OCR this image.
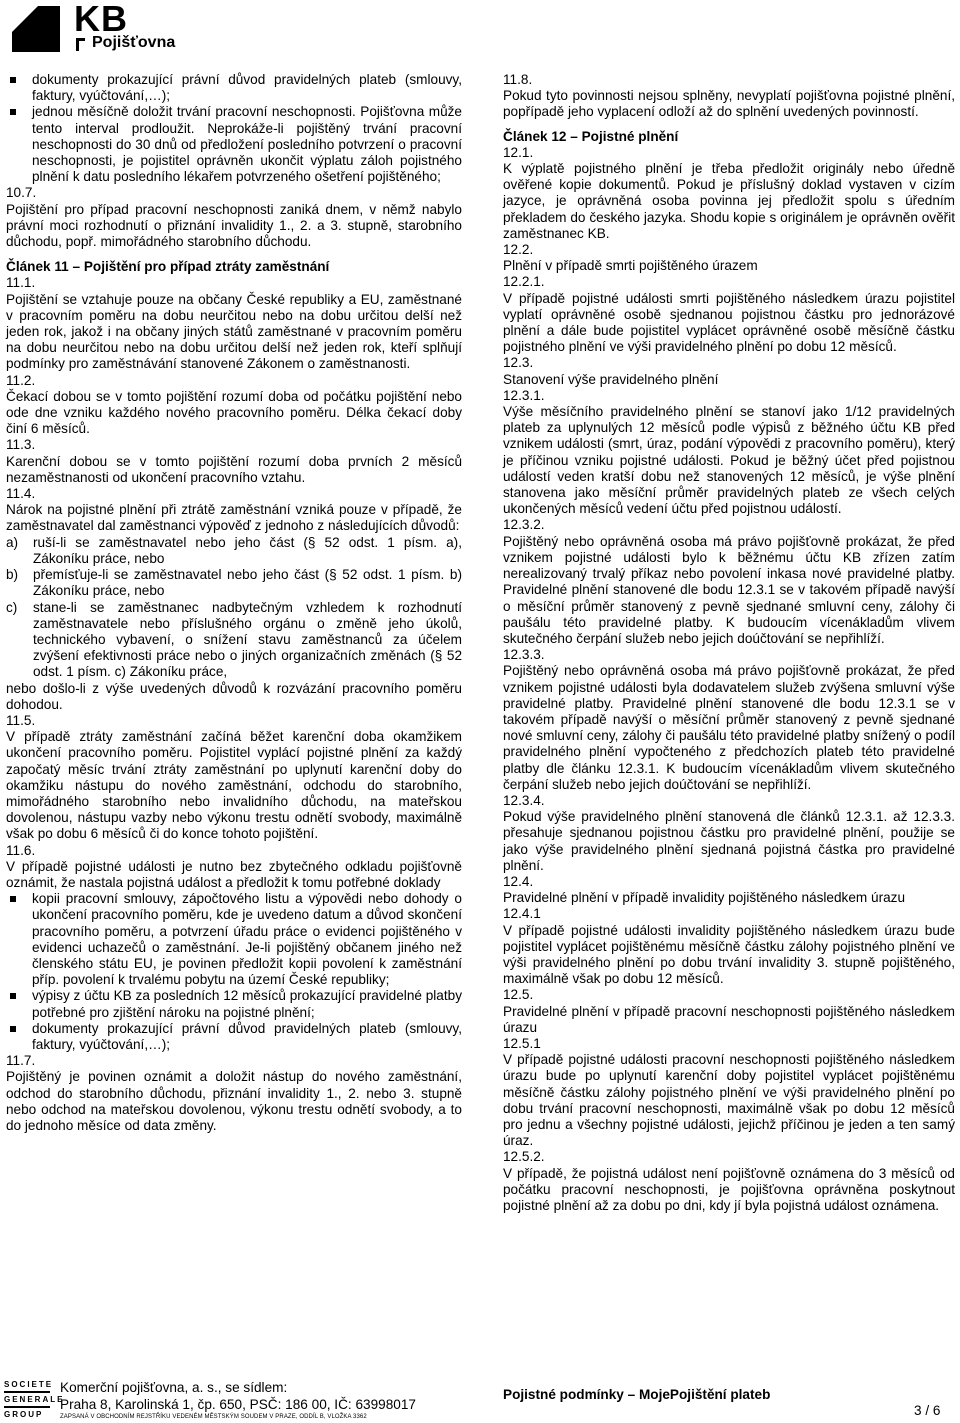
KB
Pojišťovna
dokumenty prokazující právní důvod pravidelných plateb (smlouvy, faktury, vyúčtování,…);
jednou měsíčně doložit trvání pracovní neschopnosti. Pojišťovna může tento interval prodloužit. Neprokáže-li pojištěný trvání pracovní neschopnosti do 30 dnů od předložení posledního potvrzení o pracovní neschopnosti, je pojistitel oprávněn ukončit výplatu záloh pojistného plnění k datu posledního lékařem potvrzeného ošetření pojištěného;

10.7.

Pojištění pro případ pracovní neschopnosti zaniká dnem, v němž nabylo právní moci rozhodnutí o přiznání invalidity 1., 2. a 3. stupně, starobního důchodu, popř. mimořádného starobního důchodu.

Článek 11 – Pojištění pro případ ztráty zaměstnání

11.1.

Pojištění se vztahuje pouze na občany České republiky a EU, zaměstnané v pracovním poměru na dobu neurčitou nebo na dobu určitou delší než jeden rok, jakož i na občany jiných států zaměstnané v pracovním poměru na dobu neurčitou nebo na dobu určitou delší než jeden rok, kteří splňují podmínky pro zaměstnávání stanovené Zákonem o zaměstnanosti.

11.2.

Čekací dobou se v tomto pojištění rozumí doba od počátku pojištění nebo ode dne vzniku každého nového pracovního poměru. Délka čekací doby činí 6 měsíců.

11.3.

Karenční dobou se v tomto pojištění rozumí doba prvních 2 měsíců nezaměstnanosti od ukončení pracovního vztahu.

11.4.

Nárok na pojistné plnění při ztrátě zaměstnání vzniká pouze v případě, že zaměstnavatel dal zaměstnanci výpověď z jednoho z následujících důvodů:

a)	ruší-li se zaměstnavatel nebo jeho část (§ 52 odst. 1 písm. a), Zákoníku práce, nebo
b)	přemísťuje-li se zaměstnavatel nebo jeho část (§ 52 odst. 1 písm. b) Zákoníku práce, nebo
c)	stane-li se zaměstnanec nadbytečným vzhledem k rozhodnutí zaměstnavatele nebo příslušného orgánu o změně jeho úkolů, technického vybavení, o snížení stavu zaměstnanců za účelem zvýšení efektivnosti práce nebo o jiných organizačních změnách (§ 52 odst. 1 písm. c) Zákoníku práce,

nebo došlo-li z výše uvedených důvodů k rozvázání pracovního poměru dohodou.

11.5.

V případě ztráty zaměstnání začíná běžet karenční doba okamžikem ukončení pracovního poměru. Pojistitel vyplácí pojistné plnění za každý započatý měsíc trvání ztráty zaměstnání po uplynutí karenční doby do okamžiku nástupu do nového zaměstnání, odchodu do starobního, mimořádného starobního nebo invalidního důchodu, na mateřskou dovolenou, nástupu vazby nebo výkonu trestu odnětí svobody, maximálně však po dobu 6 měsíců či do konce tohoto pojištění.

11.6.

V případě pojistné události je nutno bez zbytečného odkladu pojišťovně oznámit, že nastala pojistná událost a předložit k tomu potřebné doklady

kopii pracovní smlouvy, zápočtového listu a výpovědi nebo dohody o ukončení pracovního poměru, kde je uvedeno datum a důvod skončení pracovního poměru, a potvrzení úřadu práce o evidenci pojištěného v evidenci uchazečů o zaměstnání. Je-li pojištěný občanem jiného než členského státu EU, je povinen předložit kopii povolení k zaměstnání příp. povolení k trvalému pobytu na území České republiky;
výpisy z účtu KB za posledních 12 měsíců prokazující pravidelné platby potřebné pro zjištění nároku na pojistné plnění;
dokumenty prokazující právní důvod pravidelných plateb (smlouvy, faktury, vyúčtování,…);

11.7.

Pojištěný je povinen oznámit a doložit nástup do nového zaměstnání, odchod do starobního důchodu, přiznání invalidity 1., 2. nebo 3. stupně nebo odchod na mateřskou dovolenou, výkonu trestu odnětí svobody, a to do jednoho měsíce od data změny.

11.8.

Pokud tyto povinnosti nejsou splněny, nevyplatí pojišťovna pojistné plnění, popřípadě jeho vyplacení odloží až do splnění uvedených povinností.

Článek 12 – Pojistné plnění

12.1.

K výplatě pojistného plnění je třeba předložit originály nebo úředně ověřené kopie dokumentů. Pokud je příslušný doklad vystaven v cizím jazyce, je oprávněná osoba povinna jej předložit spolu s úředním překladem do českého jazyka. Shodu kopie s originálem je oprávněn ověřit zaměstnanec KB.

12.2.

Plnění v případě smrti pojištěného úrazem

12.2.1.

V případě pojistné události smrti pojištěného následkem úrazu pojistitel vyplatí oprávněné osobě sjednanou pojistnou částku pro jednorázové plnění a dále bude pojistitel vyplácet oprávněné osobě měsíčně částku pojistného plnění ve výši pravidelného plnění po dobu 12 měsíců.

12.3.

Stanovení výše pravidelného plnění

12.3.1.

Výše měsíčního pravidelného plnění se stanoví jako 1/12 pravidelných plateb za uplynulých 12 měsíců podle výpisů z běžného účtu KB před vznikem události (smrt, úraz, podání výpovědi z pracovního poměru), který je příčinou vzniku pojistné události. Pokud je běžný účet před pojistnou událostí veden kratší dobu než stanovených 12 měsíců, je výše plnění stanovena jako měsíční průměr pravidelných plateb ze všech celých ukončených měsíců vedení účtu před pojistnou událostí.

12.3.2.

Pojištěný nebo oprávněná osoba má právo pojišťovně prokázat, že před vznikem pojistné události bylo k běžnému účtu KB zřízen zatím nerealizovaný trvalý příkaz nebo povolení inkasa nové pravidelné platby. Pravidelné plnění stanovené dle bodu 12.3.1 se v takovém případě navýší o měsíční průměr stanovený z pevně sjednané smluvní ceny, zálohy či paušálu této pravidelné platby. K budoucím vícenákladům vlivem skutečného čerpání služeb nebo jejich doúčtování se nepřihlíží.

12.3.3.

Pojištěný nebo oprávněná osoba má právo pojišťovně prokázat, že před vznikem pojistné události byla dodavatelem služeb zvýšena smluvní výše pravidelné platby. Pravidelné plnění stanovené dle bodu 12.3.1 se v takovém případě navýší o měsíční průměr stanovený z pevně sjednané nové smluvní ceny, zálohy či paušálu této pravidelné platby snížený o podíl pravidelného plnění vypočteného z předchozích plateb této pravidelné platby dle článku 12.3.1. K budoucím vícenákladům vlivem skutečného čerpání služeb nebo jejich doúčtování se nepřihlíží.

12.3.4.

Pokud výše pravidelného plnění stanovená dle článků 12.3.1. až 12.3.3. přesahuje sjednanou pojistnou částku pro pravidelné plnění, použije se jako výše pravidelného plnění sjednaná pojistná částka pro pravidelné plnění.

12.4.

Pravidelné plnění v případě invalidity pojištěného následkem úrazu

12.4.1

V případě pojistné události invalidity pojištěného následkem úrazu bude pojistitel vyplácet pojištěnému měsíčně částku zálohy pojistného plnění ve výši pravidelného plnění po dobu trvání invalidity 3. stupně pojištěného, maximálně však po dobu 12 měsíců.

12.5.

Pravidelné plnění v případě pracovní neschopnosti pojištěného následkem úrazu

12.5.1

V případě pojistné události pracovní neschopnosti pojištěného následkem úrazu bude po uplynutí karenční doby pojistitel vyplácet pojištěnému měsíčně částku zálohy pojistného plnění ve výši pravidelného plnění po dobu trvání pracovní neschopnosti, maximálně však po dobu 12 měsíců pro jednu a všechny pojistné události, jejichž příčinou je jeden a ten samý úraz.

12.5.2.

V případě, že pojistná událost není pojišťovně oznámena do 3 měsíců od počátku pracovní neschopnosti, je pojišťovna oprávněna poskytnout pojistné plnění až za dobu po dni, kdy jí byla pojistná událost oznámena.

SOCIETE
GENERALE
GROUP
Komerční pojišťovna, a. s., se sídlem:
Praha 8, Karolinská 1, čp. 650, PSČ: 186 00, IČ: 63998017
ZAPSANÁ V OBCHODNÍM REJSTŘÍKU VEDENÉM MĚSTSKÝM SOUDEM V PRAZE, ODDÍL B, VLOŽKA 3362
Pojistné podmínky – MojePojištění plateb
3 / 6
